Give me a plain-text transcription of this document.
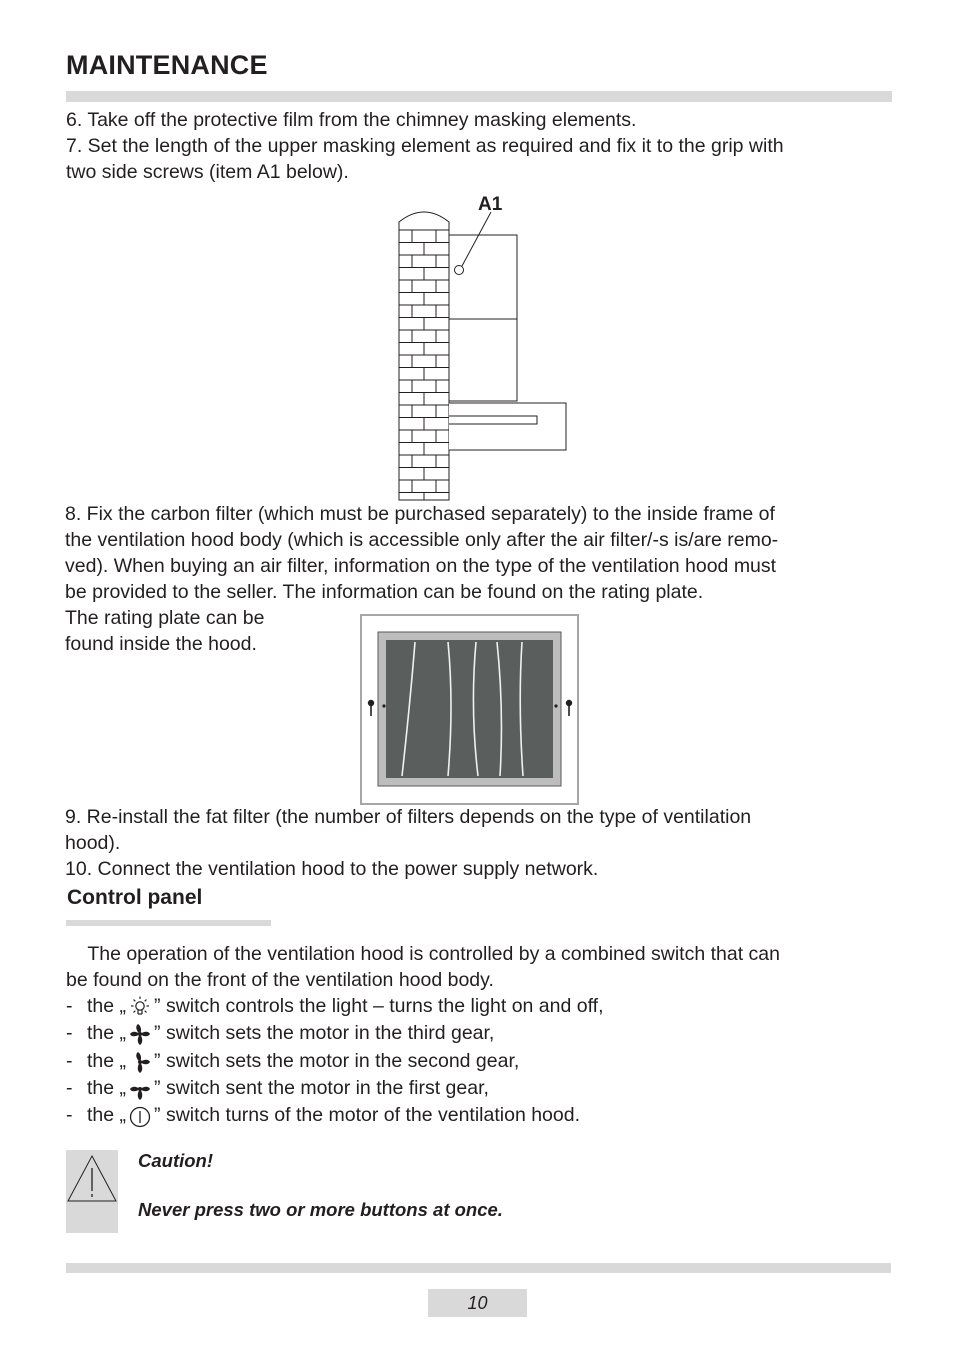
MAINTENANCE
6. Take off the protective film from the chimney masking elements.
7. Set the length of the upper masking element as required and fix it to the grip with
two side screws (item A1 below).
A1
8. Fix the carbon filter (which must be purchased separately) to the inside frame of
the ventilation hood body (which is accessible only after the air filter/-s is/are remo-
ved). When buying an air filter, information on the type of the ventilation hood must
be provided to the seller. The information can be found on the rating plate.
The rating plate can be
found inside the hood.
9. Re-install the fat filter (the number of filters depends on the type of ventilation
hood).
10. Connect the ventilation hood to the power supply network.
Control panel
The operation of the ventilation hood is controlled by a combined switch that can
be found on the front of the ventilation hood body.
- the „ ” switch controls the light – turns the light on and off,
- the „ ” switch sets the motor in the third gear,
- the „ ” switch sets the motor in the second gear,
- the „ ” switch sent the motor in the first gear,
- the „ ” switch turns of the motor of the ventilation hood.
Caution!
Never press two or more buttons at once.
10
